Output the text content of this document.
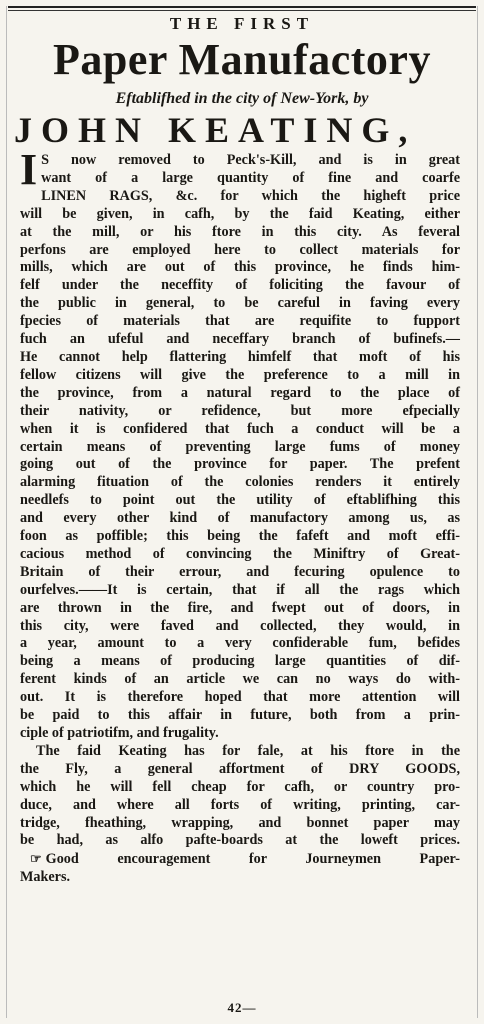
THE FIRST
Paper Manufactory
Eftablifhed in the city of New-York, by
JOHN KEATING,
I S now removed to Peck's-Kill, and is in great
want of a large quantity of fine and coarfe
LINEN RAGS, &c. for which the higheft price
will be given, in cafh, by the faid Keating, either
at the mill, or his ftore in this city. As feveral
perfons are employed here to collect materials for
mills, which are out of this province, he finds him-
felf under the neceffity of foliciting the favour of
the public in general, to be careful in faving every
fpecies of materials that are requifite to fupport
fuch an ufeful and neceffary branch of bufinefs.—
He cannot help flattering himfelf that moft of his
fellow citizens will give the preference to a mill in
the province, from a natural regard to the place of
their nativity, or refidence, but more efpecially
when it is confidered that fuch a conduct will be a
certain means of preventing large fums of money
going out of the province for paper. The prefent
alarming fituation of the colonies renders it entirely
needlefs to point out the utility of eftablifhing this
and every other kind of manufactory among us, as
foon as poffible; this being the fafeft and moft effi-
cacious method of convincing the Miniftry of Great-
Britain of their errour, and fecuring opulence to
ourfelves.——It is certain, that if all the rags which
are thrown in the fire, and fwept out of doors, in
this city, were faved and collected, they would, in
a year, amount to a very confiderable fum, befides
being a means of producing large quantities of dif-
ferent kinds of an article we can no ways do with-
out. It is therefore hoped that more attention will
be paid to this affair in future, both from a prin-
ciple of patriotifm, and frugality.
The faid Keating has for fale, at his ftore in the
the Fly, a general affortment of DRY GOODS,
which he will fell cheap for cafh, or country pro-
duce, and where all forts of writing, printing, car-
tridge, fheathing, wrapping, and bonnet paper may
be had, as alfo pafte-boards at the loweft prices.
☞ Good encouragement for Journeymen Paper-
Makers.
42—
